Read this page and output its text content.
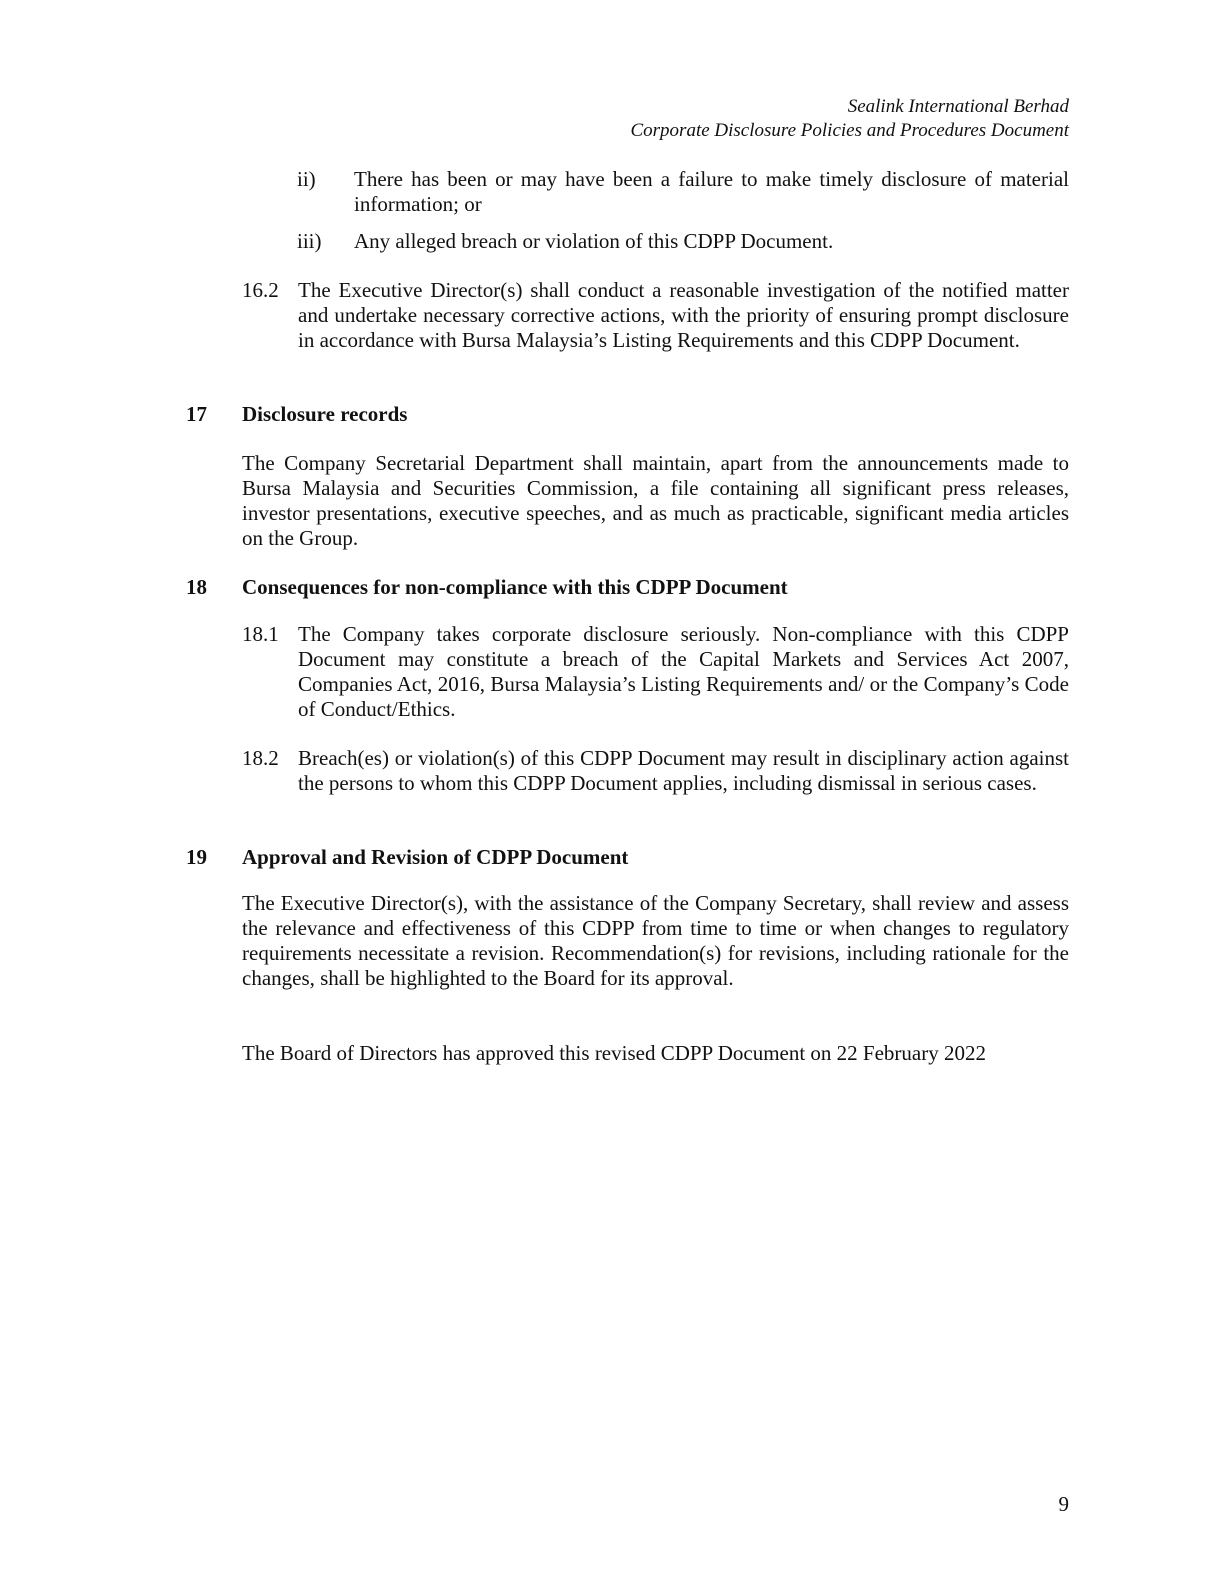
Sealink International Berhad
Corporate Disclosure Policies and Procedures Document
ii) There has been or may have been a failure to make timely disclosure of material information; or
iii) Any alleged breach or violation of this CDPP Document.
16.2 The Executive Director(s) shall conduct a reasonable investigation of the notified matter and undertake necessary corrective actions, with the priority of ensuring prompt disclosure in accordance with Bursa Malaysia’s Listing Requirements and this CDPP Document.
17 Disclosure records
The Company Secretarial Department shall maintain, apart from the announcements made to Bursa Malaysia and Securities Commission, a file containing all significant press releases, investor presentations, executive speeches, and as much as practicable, significant media articles on the Group.
18 Consequences for non-compliance with this CDPP Document
18.1 The Company takes corporate disclosure seriously. Non-compliance with this CDPP Document may constitute a breach of the Capital Markets and Services Act 2007, Companies Act, 2016, Bursa Malaysia’s Listing Requirements and/ or the Company’s Code of Conduct/Ethics.
18.2 Breach(es) or violation(s) of this CDPP Document may result in disciplinary action against the persons to whom this CDPP Document applies, including dismissal in serious cases.
19 Approval and Revision of CDPP Document
The Executive Director(s), with the assistance of the Company Secretary, shall review and assess the relevance and effectiveness of this CDPP from time to time or when changes to regulatory requirements necessitate a revision. Recommendation(s) for revisions, including rationale for the changes, shall be highlighted to the Board for its approval.
The Board of Directors has approved this revised CDPP Document on 22 February 2022
9
